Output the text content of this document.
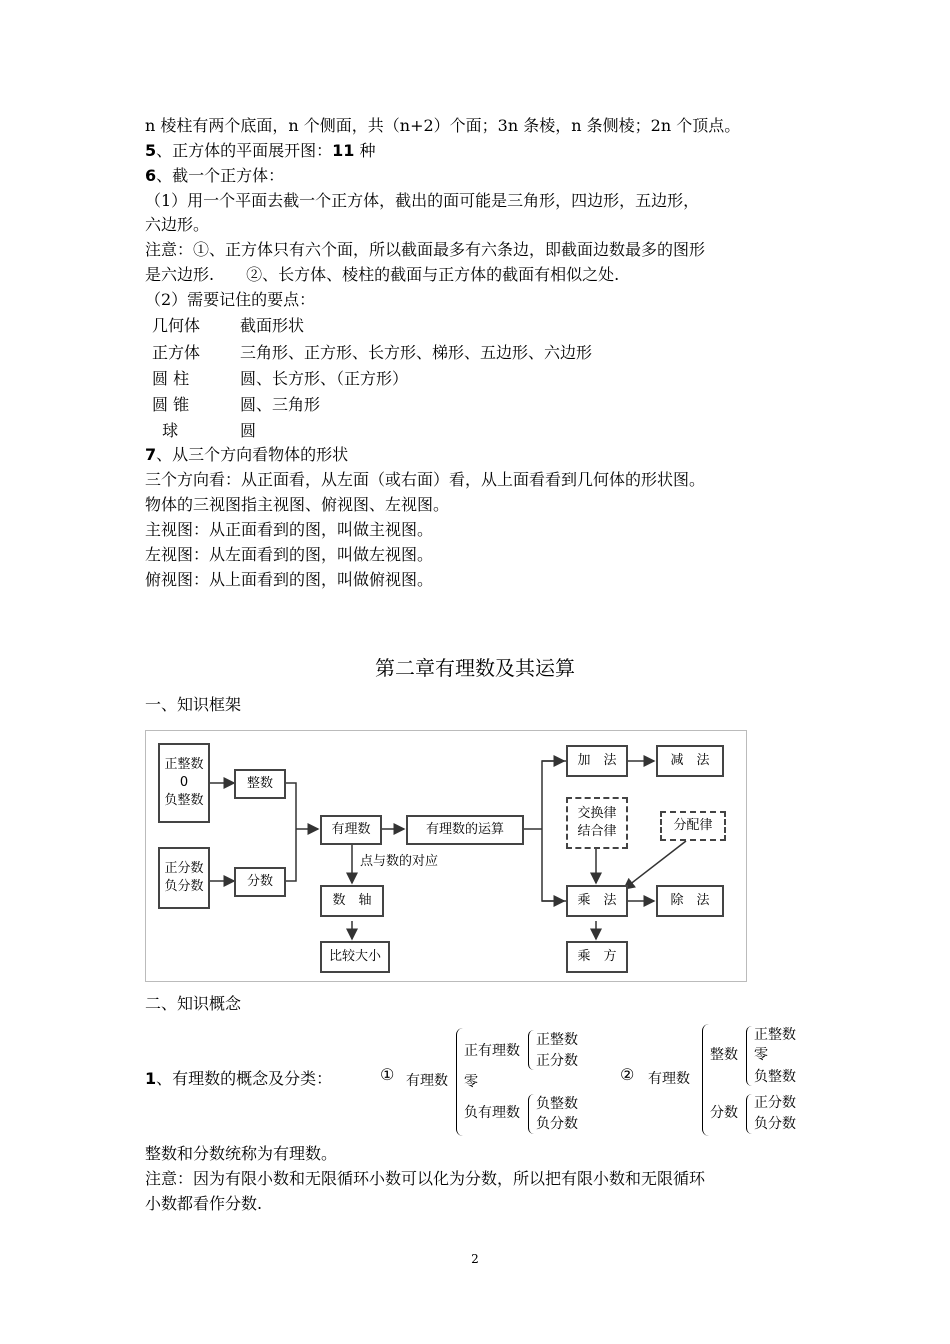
n 棱柱有两个底面，n 个侧面，共（n+2）个面；3n 条棱，n 条侧棱；2n 个顶点。
5、正方体的平面展开图：11 种
6、截一个正方体：
（1）用一个平面去截一个正方体，截出的面可能是三角形，四边形，五边形，
六边形。
注意：①、正方体只有六个面，所以截面最多有六条边，即截面边数最多的图形
是六边形.　　②、长方体、棱柱的截面与正方体的截面有相似之处.
（2）需要记住的要点：
几何体	截面形状
正方体	三角形、正方形、长方形、梯形、五边形、六边形
圆 柱	圆、长方形、（正方形）
圆 锥	圆、三角形
球	圆
7、从三个方向看物体的形状
三个方向看：从正面看，从左面（或右面）看，从上面看看到几何体的形状图。
物体的三视图指主视图、俯视图、左视图。
主视图：从正面看到的图，叫做主视图。
左视图：从左面看到的图，叫做左视图。
俯视图：从上面看到的图，叫做俯视图。
第二章有理数及其运算
一、知识框架
正整数
0
负整数
整数
正分数
负分数	分数
有理数	有理数的运算
点与数的对应
数　轴
比较大小
加　法	减　法
交换律
结合律	分配律
乘　法	除　法
乘　方
二、知识概念
1、有理数的概念及分类：	① 有理数
正有理数
正整数
正分数
零
负有理数
负整数
负分数
② 有理数
整数
正整数
零
负整数
分数
正分数
负分数
整数和分数统称为有理数。
注意：因为有限小数和无限循环小数可以化为分数，所以把有限小数和无限循环
小数都看作分数.
2
